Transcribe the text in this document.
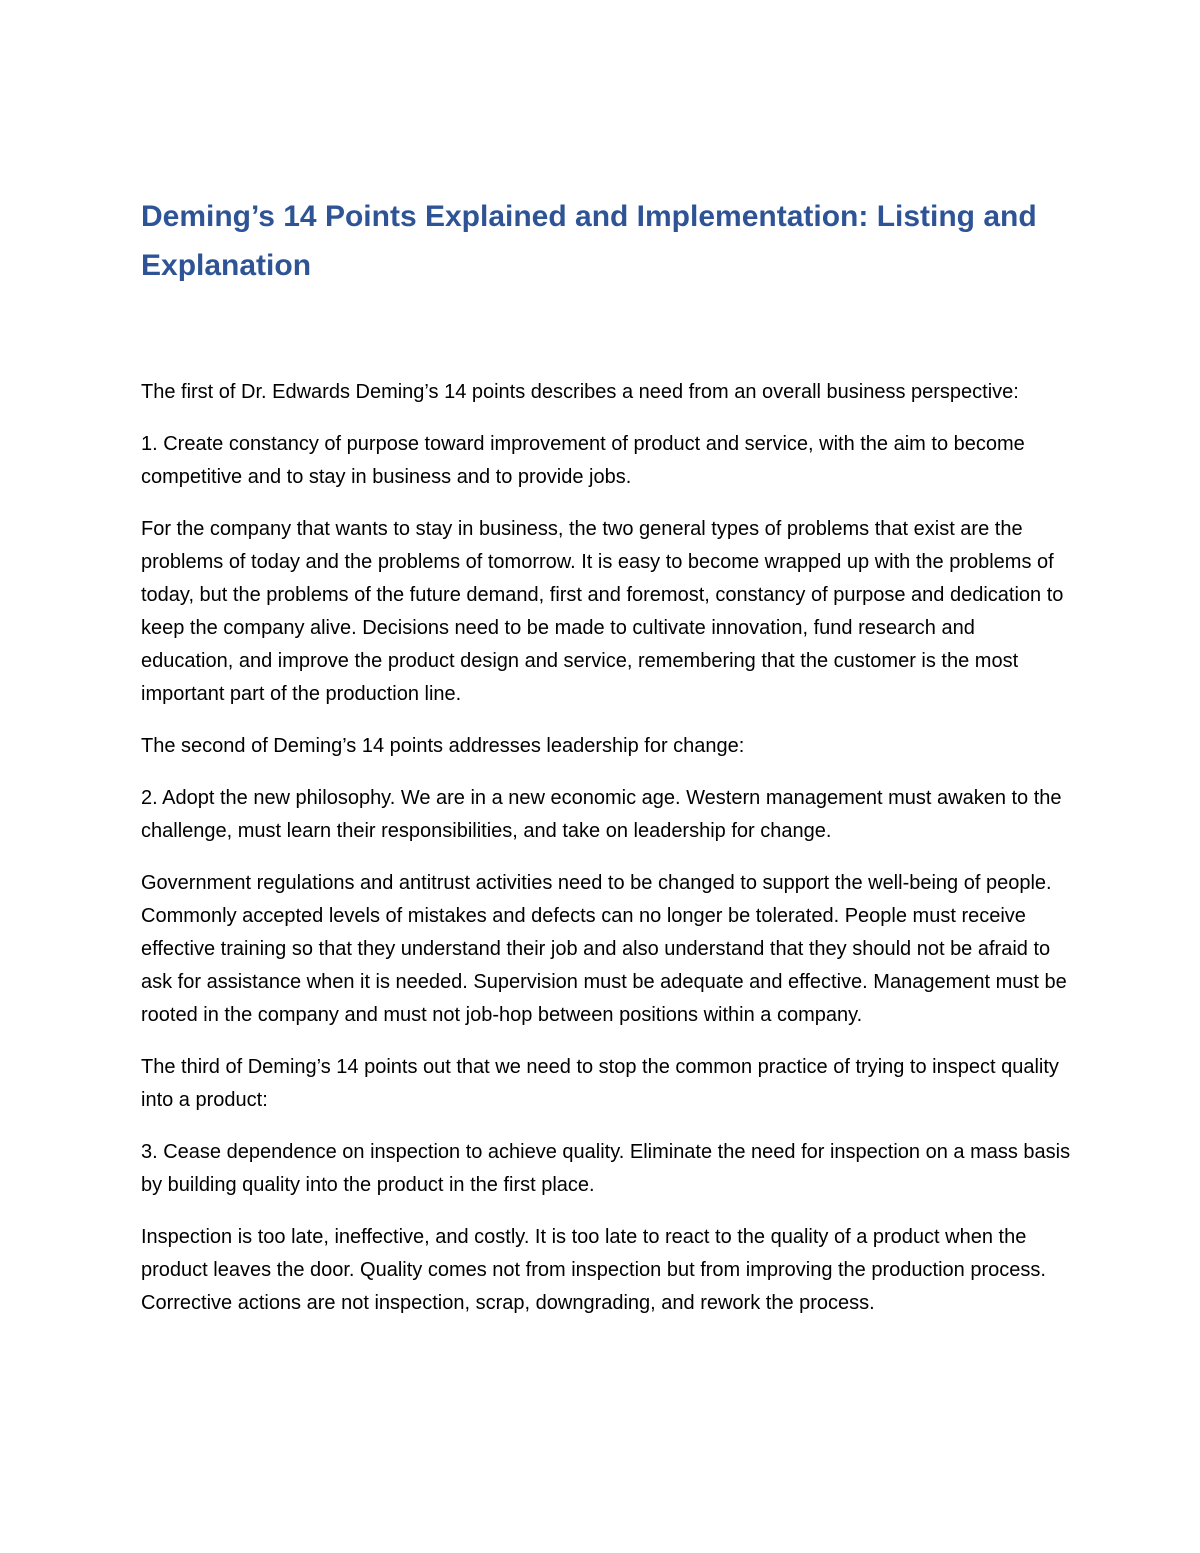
Deming’s 14 Points Explained and Implementation: Listing and Explanation

The first of Dr. Edwards Deming’s 14 points describes a need from an overall business perspective:

1. Create constancy of purpose toward improvement of product and service, with the aim to become competitive and to stay in business and to provide jobs.

For the company that wants to stay in business, the two general types of problems that exist are the problems of today and the problems of tomorrow. It is easy to become wrapped up with the problems of today, but the problems of the future demand, first and foremost, constancy of purpose and dedication to keep the company alive. Decisions need to be made to cultivate innovation, fund research and education, and improve the product design and service, remembering that the customer is the most important part of the production line.

The second of Deming’s 14 points addresses leadership for change:

2. Adopt the new philosophy. We are in a new economic age. Western management must awaken to the challenge, must learn their responsibilities, and take on leadership for change.

Government regulations and antitrust activities need to be changed to support the well-being of people. Commonly accepted levels of mistakes and defects can no longer be tolerated. People must receive effective training so that they understand their job and also understand that they should not be afraid to ask for assistance when it is needed. Supervision must be adequate and effective. Management must be rooted in the company and must not job-hop between positions within a company.

The third of Deming’s 14 points out that we need to stop the common practice of trying to inspect quality into a product:

3. Cease dependence on inspection to achieve quality. Eliminate the need for inspection on a mass basis by building quality into the product in the first place.

Inspection is too late, ineffective, and costly. It is too late to react to the quality of a product when the product leaves the door. Quality comes not from inspection but from improving the production process. Corrective actions are not inspection, scrap, downgrading, and rework the process.
